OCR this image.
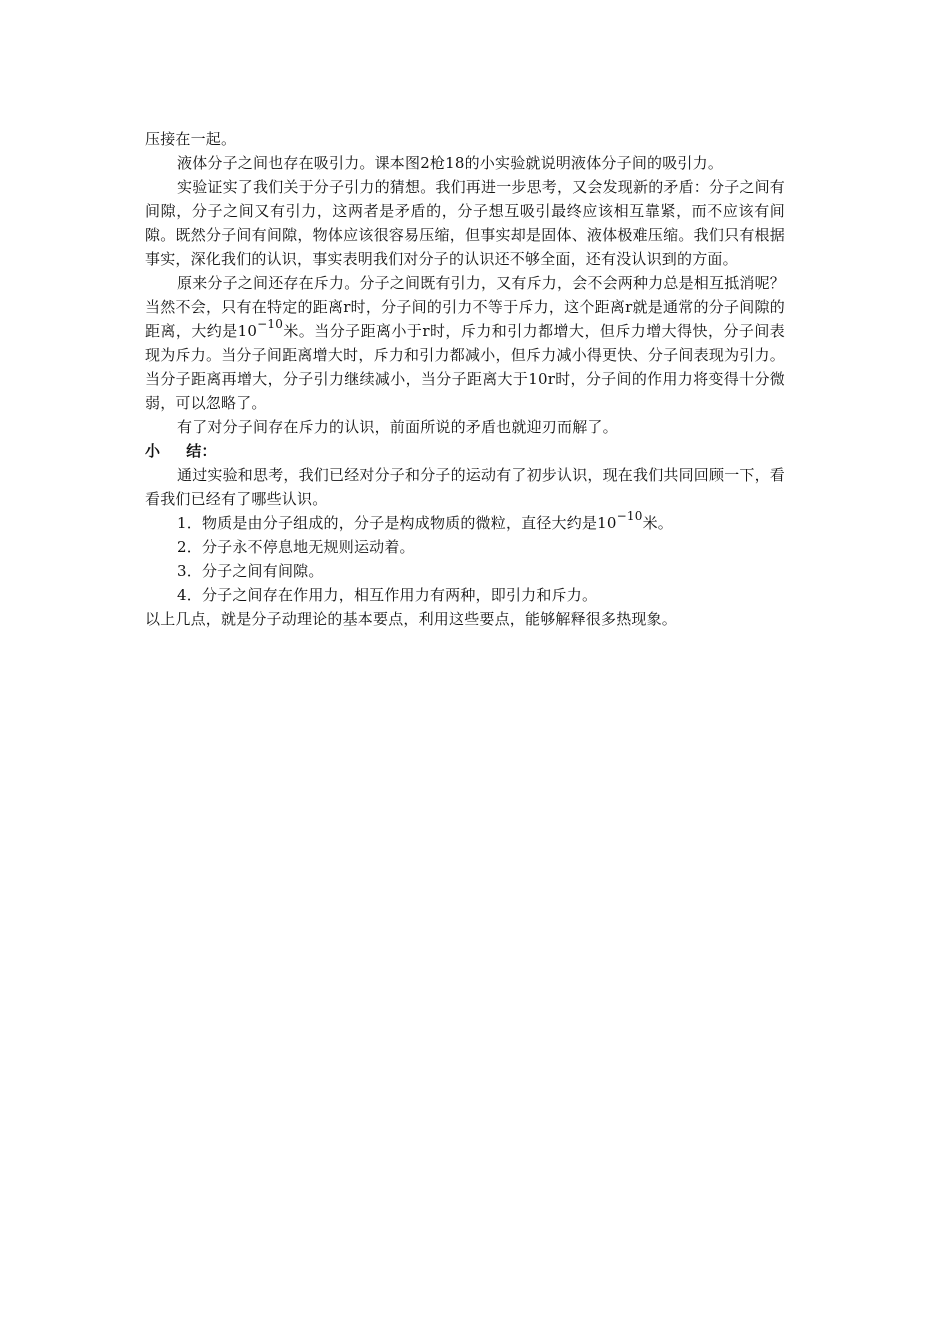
压接在一起。

液体分子之间也存在吸引力。课本图2枪18的小实验就说明液体分子间的吸引力。

实验证实了我们关于分子引力的猜想。我们再进一步思考，又会发现新的矛盾：分子之间有间隙，分子之间又有引力，这两者是矛盾的，分子想互吸引最终应该相互靠紧，而不应该有间隙。既然分子间有间隙，物体应该很容易压缩，但事实却是固体、液体极难压缩。我们只有根据事实，深化我们的认识，事实表明我们对分子的认识还不够全面，还有没认识到的方面。

原来分子之间还存在斥力。分子之间既有引力，又有斥力，会不会两种力总是相互抵消呢？当然不会，只有在特定的距离r时，分子间的引力不等于斥力，这个距离r就是通常的分子间隙的距离，大约是$10^{-10}$米。当分子距离小于r时，斥力和引力都增大，但斥力增大得快，分子间表现为斥力。当分子间距离增大时，斥力和引力都减小，但斥力减小得更快、分子间表现为引力。当分子距离再增大，分子引力继续减小，当分子距离大于10r时，分子间的作用力将变得十分微弱，可以忽略了。

有了对分子间存在斥力的认识，前面所说的矛盾也就迎刃而解了。

小 结：

通过实验和思考，我们已经对分子和分子的运动有了初步认识，现在我们共同回顾一下，看看我们已经有了哪些认识。

1．物质是由分子组成的，分子是构成物质的微粒，直径大约是$10^{-10}$米。

2．分子永不停息地无规则运动着。

3．分子之间有间隙。

4．分子之间存在作用力，相互作用力有两种，即引力和斥力。

以上几点，就是分子动理论的基本要点，利用这些要点，能够解释很多热现象。
